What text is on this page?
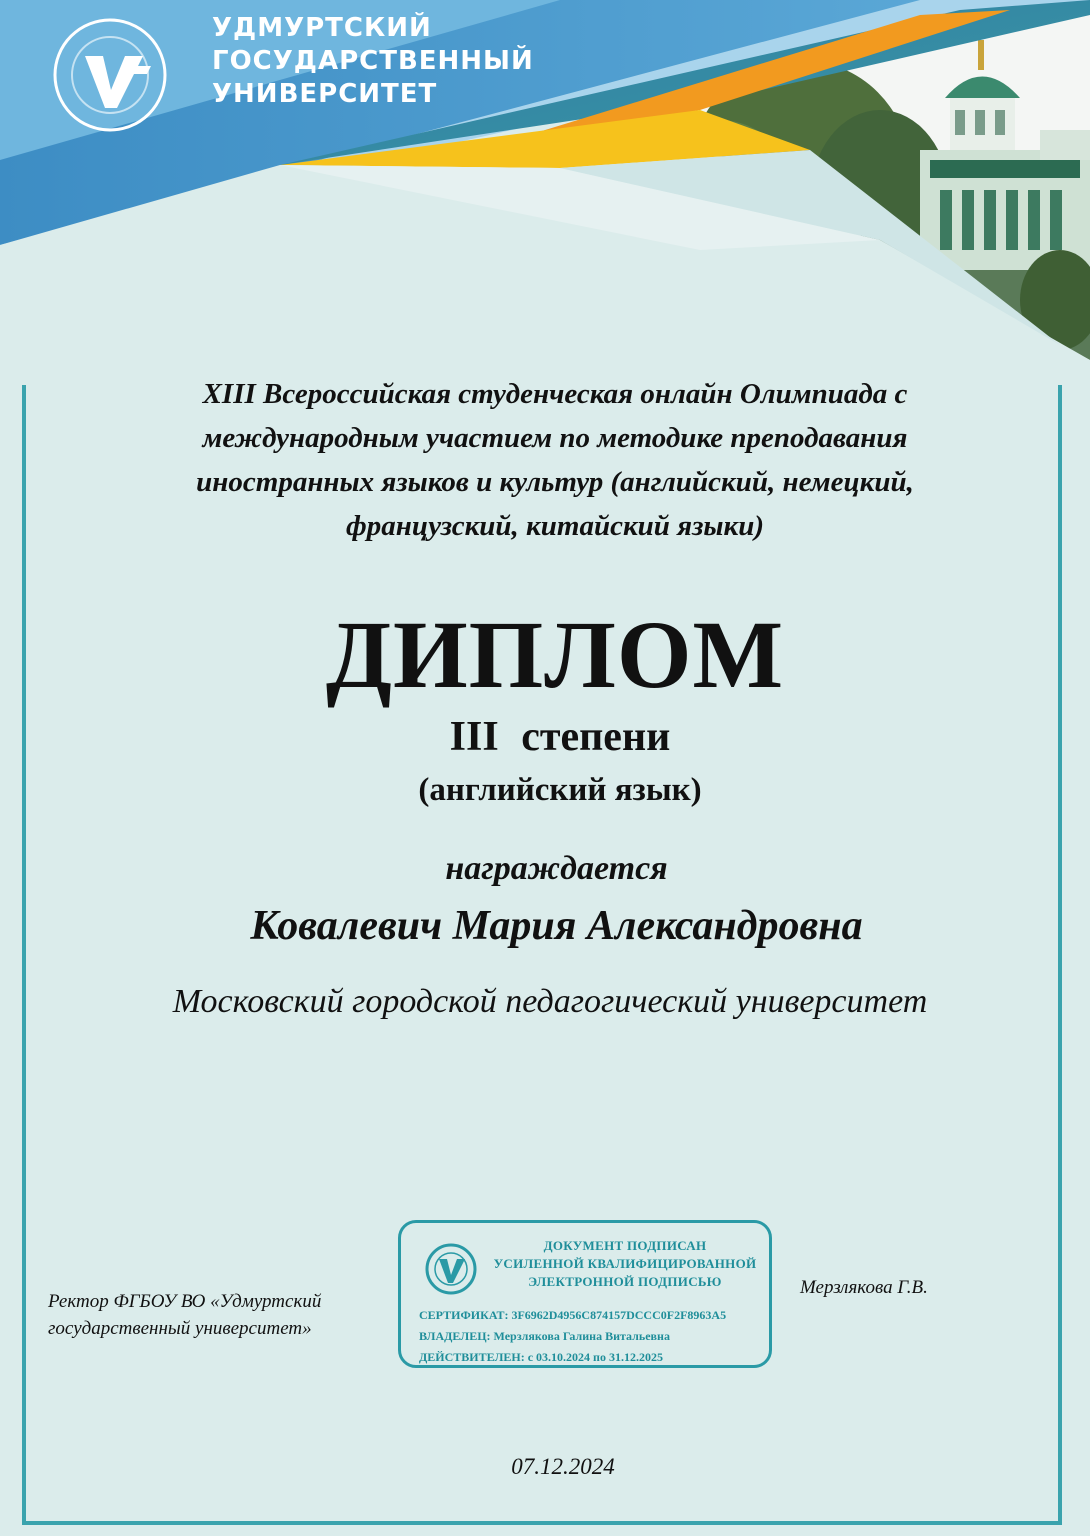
УДМУРТСКИЙ
ГОСУДАРСТВЕННЫЙ
УНИВЕРСИТЕТ
XIII Всероссийская студенческая онлайн Олимпиада с международным участием по методике преподавания иностранных языков и культур (английский, немецкий, французский, китайский языки)
ДИПЛОМ
III степени
(английский язык)
награждается
Ковалевич Мария Александровна
Московский городской педагогический университет
Ректор ФГБОУ ВО «Удмуртский
государственный университет»
ДОКУМЕНТ ПОДПИСАН
УСИЛЕННОЙ КВАЛИФИЦИРОВАННОЙ
ЭЛЕКТРОННОЙ ПОДПИСЬЮ
СЕРТИФИКАТ: 3F6962D4956C874157DCCC0F2F8963A5
ВЛАДЕЛЕЦ: Мерзлякова Галина Витальевна
ДЕЙСТВИТЕЛЕН: с 03.10.2024 по 31.12.2025
Мерзлякова Г.В.
07.12.2024
